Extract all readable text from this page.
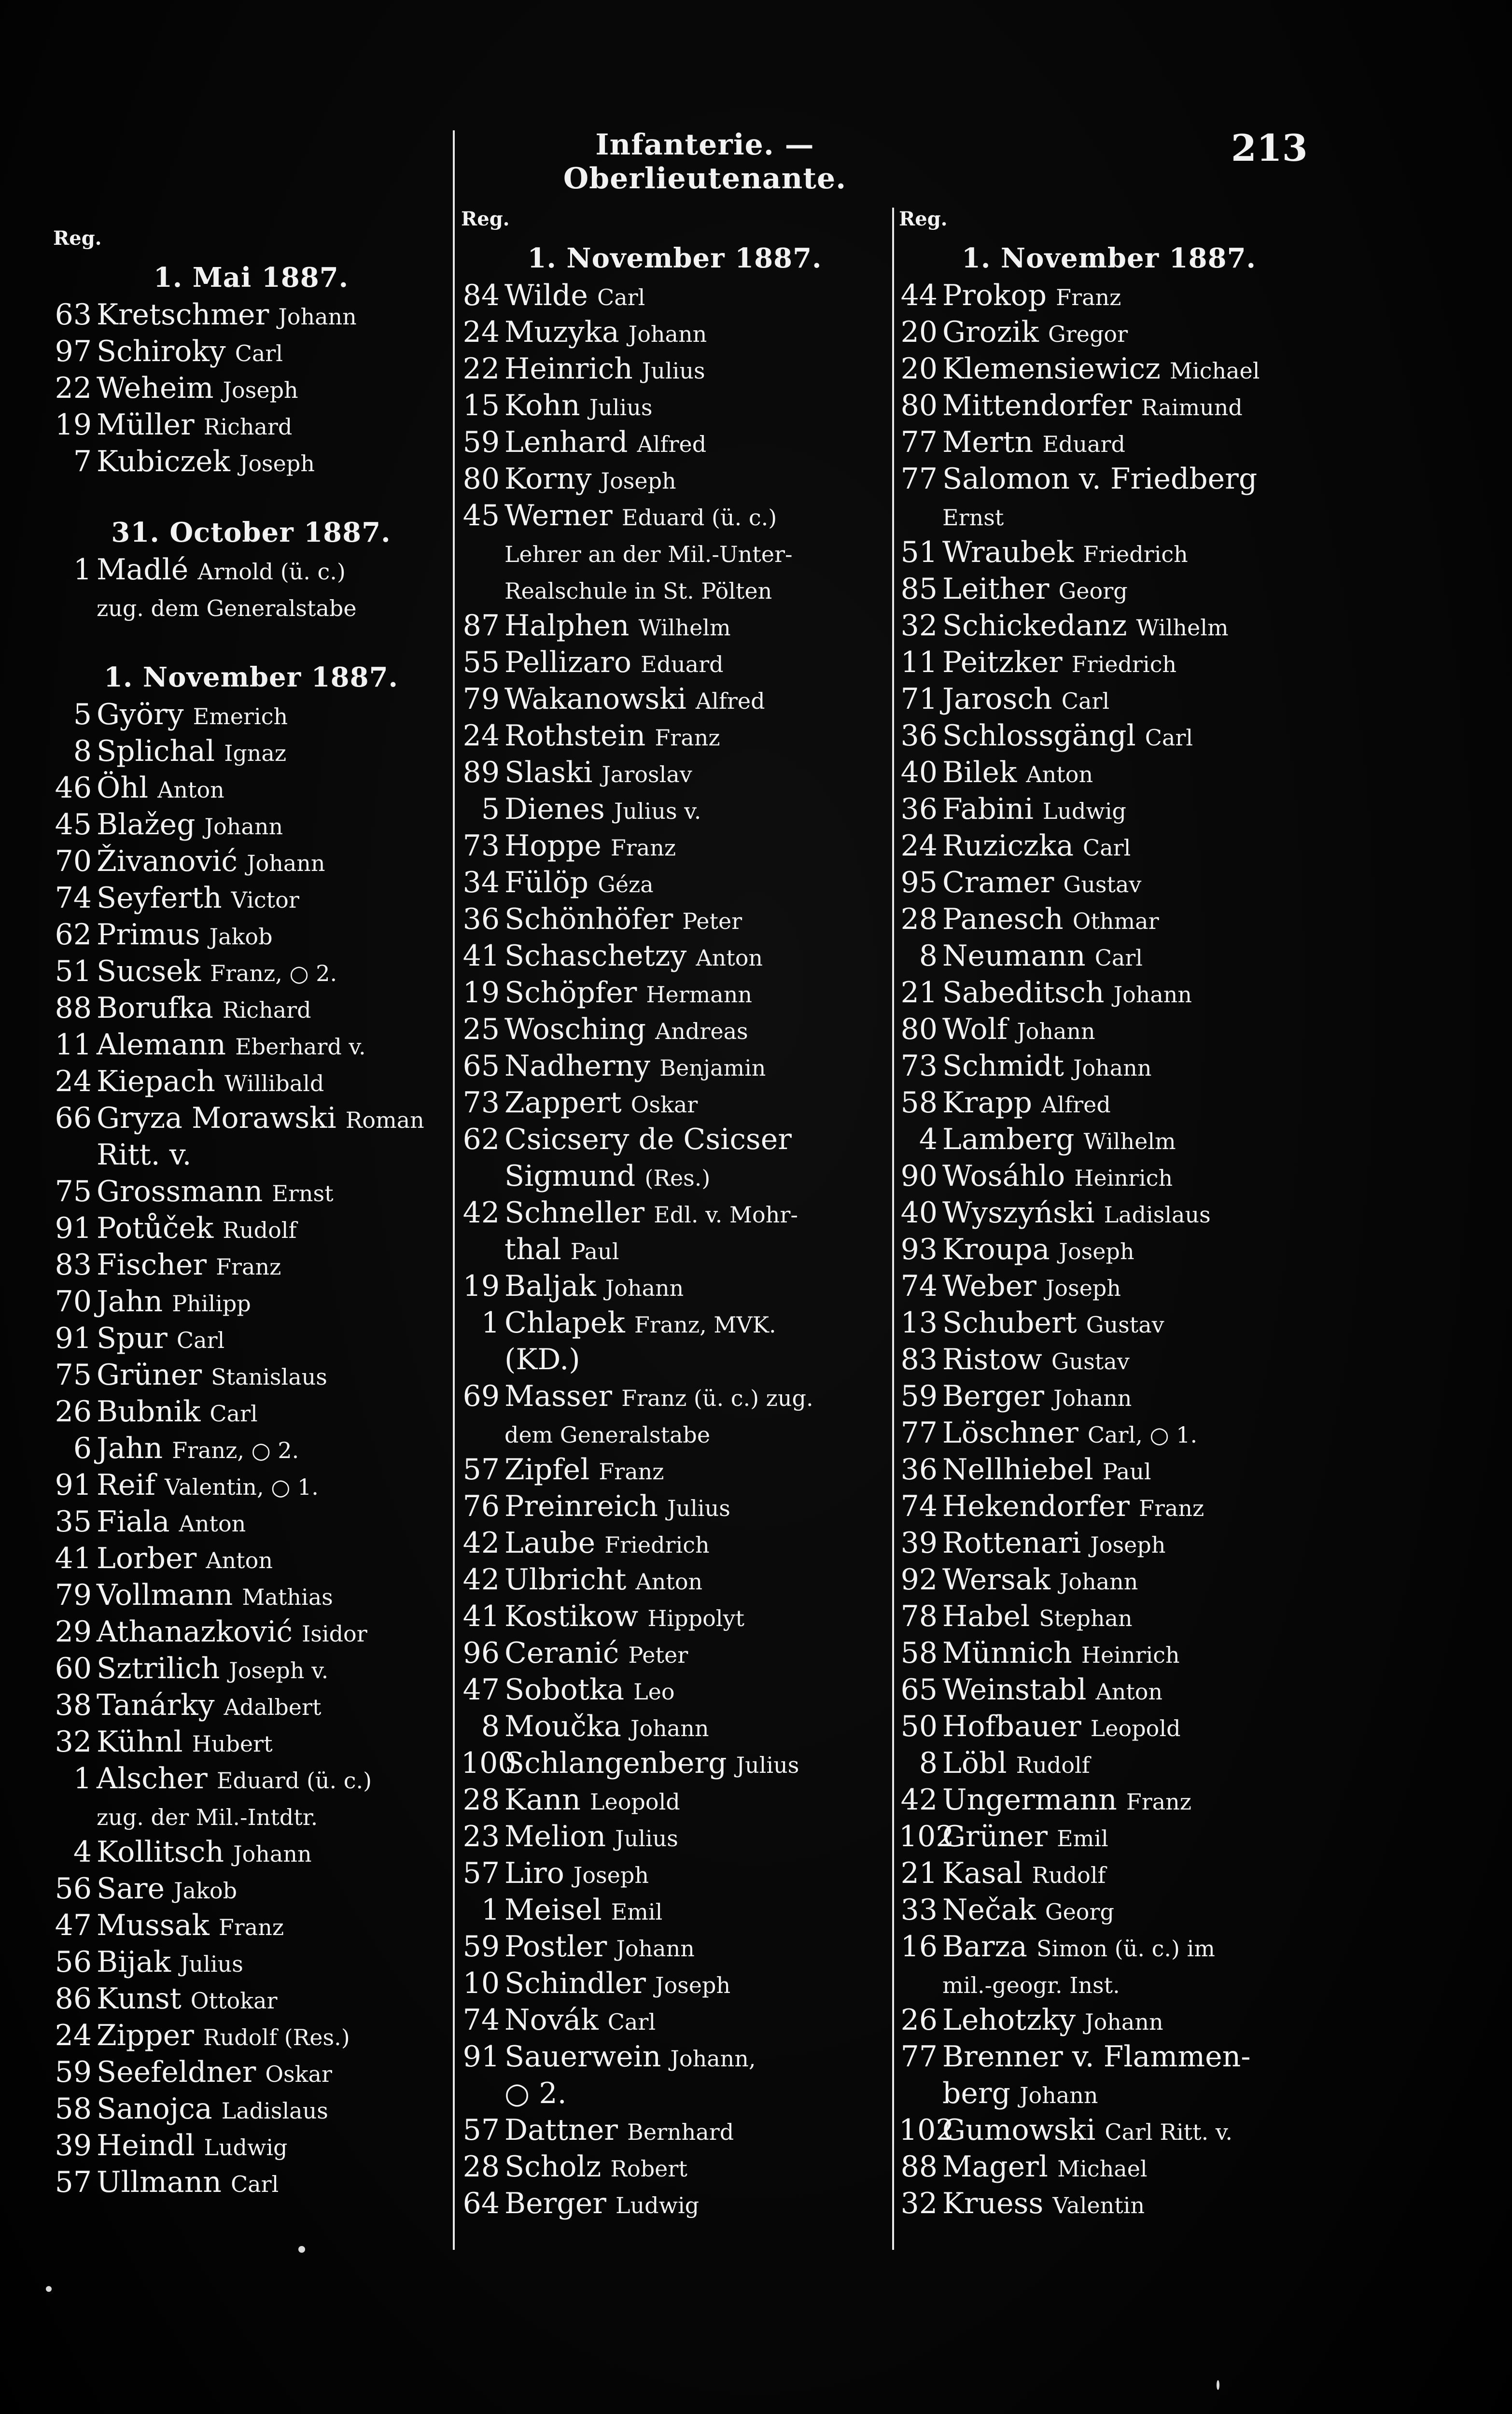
Infanterie. — Oberlieutenante.
213
Reg.
1. Mai 1887.
63 Kretschmer Johann
97 Schiroky Carl
22 Weheim Joseph
19 Müller Richard
7 Kubiczek Joseph
31. October 1887.
1 Madlé Arnold (ü. c.)
zug. dem Generalstabe
1. November 1887.
5 Györy Emerich
8 Splichal Ignaz
46 Öhl Anton
45 Blažeg Johann
70 Živanović Johann
74 Seyferth Victor
62 Primus Jakob
51 Sucsek Franz, ○ 2.
88 Borufka Richard
11 Alemann Eberhard v.
24 Kiepach Willibald
66 Gryza Morawski Roman
Ritt. v.
75 Grossmann Ernst
91 Potůček Rudolf
83 Fischer Franz
70 Jahn Philipp
91 Spur Carl
75 Grüner Stanislaus
26 Bubnik Carl
6 Jahn Franz, ○ 2.
91 Reif Valentin, ○ 1.
35 Fiala Anton
41 Lorber Anton
79 Vollmann Mathias
29 Athanazković Isidor
60 Sztrilich Joseph v.
38 Tanárky Adalbert
32 Kühnl Hubert
1 Alscher Eduard (ü. c.)
zug. der Mil.-Intdtr.
4 Kollitsch Johann
56 Sare Jakob
47 Mussak Franz
56 Bijak Julius
86 Kunst Ottokar
24 Zipper Rudolf (Res.)
59 Seefeldner Oskar
58 Sanojca Ladislaus
39 Heindl Ludwig
57 Ullmann Carl
Reg.
1. November 1887.
84 Wilde Carl
24 Muzyka Johann
22 Heinrich Julius
15 Kohn Julius
59 Lenhard Alfred
80 Korny Joseph
45 Werner Eduard (ü. c.)
Lehrer an der Mil.-Unter-
Realschule in St. Pölten
87 Halphen Wilhelm
55 Pellizaro Eduard
79 Wakanowski Alfred
24 Rothstein Franz
89 Slaski Jaroslav
5 Dienes Julius v.
73 Hoppe Franz
34 Fülöp Géza
36 Schönhöfer Peter
41 Schaschetzy Anton
19 Schöpfer Hermann
25 Wosching Andreas
65 Nadherny Benjamin
73 Zappert Oskar
62 Csicsery de Csicser
Sigmund (Res.)
42 Schneller Edl. v. Mohr-
thal Paul
19 Baljak Johann
1 Chlapek Franz, MVK.
(KD.)
69 Masser Franz (ü. c.) zug.
dem Generalstabe
57 Zipfel Franz
76 Preinreich Julius
42 Laube Friedrich
42 Ulbricht Anton
41 Kostikow Hippolyt
96 Ceranić Peter
47 Sobotka Leo
8 Moučka Johann
100Schlangenberg Julius
28 Kann Leopold
23 Melion Julius
57 Liro Joseph
1 Meisel Emil
59 Postler Johann
10 Schindler Joseph
74 Novák Carl
91 Sauerwein Johann,
○ 2.
57 Dattner Bernhard
28 Scholz Robert
64 Berger Ludwig
Reg.
1. November 1887.
44 Prokop Franz
20 Grozik Gregor
20 Klemensiewicz Michael
80 Mittendorfer Raimund
77 Mertn Eduard
77 Salomon v. Friedberg
Ernst
51 Wraubek Friedrich
85 Leither Georg
32 Schickedanz Wilhelm
11 Peitzker Friedrich
71 Jarosch Carl
36 Schlossgängl Carl
40 Bilek Anton
36 Fabini Ludwig
24 Ruziczka Carl
95 Cramer Gustav
28 Panesch Othmar
8 Neumann Carl
21 Sabeditsch Johann
80 Wolf Johann
73 Schmidt Johann
58 Krapp Alfred
4 Lamberg Wilhelm
90 Wosáhlo Heinrich
40 Wyszyński Ladislaus
93 Kroupa Joseph
74 Weber Joseph
13 Schubert Gustav
83 Ristow Gustav
59 Berger Johann
77 Löschner Carl, ○ 1.
36 Nellhiebel Paul
74 Hekendorfer Franz
39 Rottenari Joseph
92 Wersak Johann
78 Habel Stephan
58 Münnich Heinrich
65 Weinstabl Anton
50 Hofbauer Leopold
8 Löbl Rudolf
42 Ungermann Franz
102Grüner Emil
21 Kasal Rudolf
33 Nečak Georg
16 Barza Simon (ü. c.) im
mil.-geogr. Inst.
26 Lehotzky Johann
77 Brenner v. Flammen-
berg Johann
102Gumowski Carl Ritt. v.
88 Magerl Michael
32 Kruess Valentin
